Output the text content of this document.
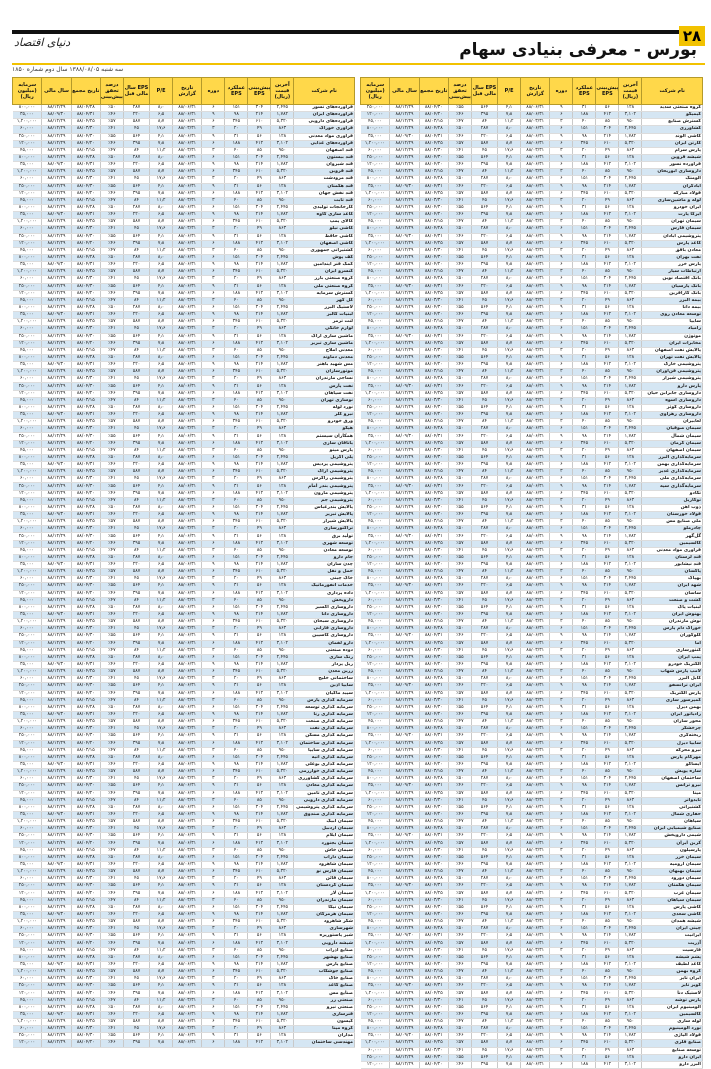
۲۸
دنیای اقتصاد	بورس - معرفی بنیادی سهام
سه شنبه ۱۳۸۸/۰۸/۰۵ سال دوم شماره ۱۸۵۰
نام شرکت	آخرین قیمت (ریال)	پیش‌بینی EPS	عملکرد EPS	دوره	تاریخ گزارش	P/E	EPS سال مالی قبل	درصد تحقق پیش‌بینی	تاریخ مجمع	سال مالی	سرمایه (میلیون ریال)
گروه صنعتی سدید	۱۲۸	۵۶	۳۱	۹	۸۸/۰۶/۳۱	۴٫۱	۵۶۴	٪۵۵	۸۸/۰۴/۳۰	۸۸/۱۲/۲۹	۲۵۰,۰۰۰
کیمیکو	۳,۱۰۲	۴۱۲	۱۸۸	۶	۸۸/۰۶/۳۱	۷٫۸	۳۹۵	٪۴۶	۸۸/۰۴/۲۰	۸۸/۱۲/۲۹	۱۲۰,۰۰۰
گسترش صنایع	۹۵۰	۸۵	۴۰	۳	۸۸/۰۳/۳۱	۱۱٫۲	۸۴	٪۴۷	۸۸/۰۳/۱۵	۸۸/۱۲/۲۹	۴۵,۰۰۰
کشاورزی	۲,۴۴۵	۳۰۴	۱۵۱	۶	۸۸/۰۶/۳۱	۸٫۰	۲۸۷	٪۵۰	۸۸/۰۴/۲۸	۸۸/۱۲/۲۹	۸۰۰,۰۰۰
کاشی الوند	۱,۷۸۲	۲۱۴	۹۸	۹	۸۸/۰۶/۳۱	۶٫۵	۲۲۰	٪۴۶	۸۸/۰۴/۳۱	۸۸/۰۹/۳۰	۳۵,۰۰۰
کارتن ایران	۵,۳۲۰	۶۱۰	۳۴۵	۶	۸۸/۰۶/۳۱	۸٫۷	۵۸۷	٪۵۷	۸۸/۰۴/۲۵	۸۸/۱۲/۲۹	۱,۲۰۰,۰۰۰
پارس سرام	۸۶۳	۴۹	۲۰	۳	۸۸/۰۳/۳۱	۱۷٫۶	۴۵	٪۴۱	۸۸/۰۳/۳۰	۸۸/۱۲/۲۹	۶۰,۰۰۰
شیشه قزوین	۱۲۸	۵۶	۳۱	۹	۸۸/۰۶/۳۱	۴٫۱	۵۶۴	٪۵۵	۸۸/۰۴/۳۰	۸۸/۱۲/۲۹	۲۵۰,۰۰۰
فرآورده نسوز	۳,۱۰۲	۴۱۲	۱۸۸	۶	۸۸/۰۶/۳۱	۷٫۸	۳۹۵	٪۴۶	۸۸/۰۴/۲۰	۸۸/۱۲/۲۹	۱۲۰,۰۰۰
داروسازی ابوریحان	۹۵۰	۸۵	۴۰	۳	۸۸/۰۳/۳۱	۱۱٫۲	۸۴	٪۴۷	۸۸/۰۳/۱۵	۸۸/۱۲/۲۹	۴۵,۰۰۰
آلومتک	۲,۴۴۵	۳۰۴	۱۵۱	۶	۸۸/۰۶/۳۱	۸٫۰	۲۸۷	٪۵۰	۸۸/۰۴/۲۸	۸۸/۱۲/۲۹	۸۰۰,۰۰۰
آبادگران	۱,۷۸۲	۲۱۴	۹۸	۹	۸۸/۰۶/۳۱	۶٫۵	۲۲۰	٪۴۶	۸۸/۰۴/۳۱	۸۸/۰۹/۳۰	۳۵,۰۰۰
فولاد مبارکه	۵,۳۲۰	۶۱۰	۳۴۵	۶	۸۸/۰۶/۳۱	۸٫۷	۵۸۷	٪۵۷	۸۸/۰۴/۲۵	۸۸/۱۲/۲۹	۱,۲۰۰,۰۰۰
لوله و ماشین‌سازی	۸۶۳	۴۹	۲۰	۳	۸۸/۰۳/۳۱	۱۷٫۶	۴۵	٪۴۱	۸۸/۰۳/۳۰	۸۸/۱۲/۲۹	۶۰,۰۰۰
ایران خودرو	۱۲۸	۵۶	۳۱	۹	۸۸/۰۶/۳۱	۴٫۱	۵۶۴	٪۵۵	۸۸/۰۴/۳۰	۸۸/۱۲/۲۹	۲۵۰,۰۰۰
ایرکا پارت	۳,۱۰۲	۴۱۲	۱۸۸	۶	۸۸/۰۶/۳۱	۷٫۸	۳۹۵	٪۴۶	۸۸/۰۴/۲۰	۸۸/۱۲/۲۹	۱۲۰,۰۰۰
سیمان تهران	۹۵۰	۸۵	۴۰	۳	۸۸/۰۳/۳۱	۱۱٫۲	۸۴	٪۴۷	۸۸/۰۳/۱۵	۸۸/۱۲/۲۹	۴۵,۰۰۰
سیمان فارس	۲,۴۴۵	۳۰۴	۱۵۱	۶	۸۸/۰۶/۳۱	۸٫۰	۲۸۷	٪۵۰	۸۸/۰۴/۲۸	۸۸/۱۲/۲۹	۸۰۰,۰۰۰
پتروشیمی آبادان	۱,۷۸۲	۲۱۴	۹۸	۹	۸۸/۰۶/۳۱	۶٫۵	۲۲۰	٪۴۶	۸۸/۰۴/۳۱	۸۸/۰۹/۳۰	۳۵,۰۰۰
کاغذ پارس	۵,۳۲۰	۶۱۰	۳۴۵	۶	۸۸/۰۶/۳۱	۸٫۷	۵۸۷	٪۵۷	۸۸/۰۴/۲۵	۸۸/۱۲/۲۹	۱,۲۰۰,۰۰۰
معادن بافق	۸۶۳	۴۹	۲۰	۳	۸۸/۰۳/۳۱	۱۷٫۶	۴۵	٪۴۱	۸۸/۰۳/۳۰	۸۸/۱۲/۲۹	۶۰,۰۰۰
نفت بهران	۱۲۸	۵۶	۳۱	۹	۸۸/۰۶/۳۱	۴٫۱	۵۶۴	٪۵۵	۸۸/۰۴/۳۰	۸۸/۱۲/۲۹	۲۵۰,۰۰۰
پارس خزر	۳,۱۰۲	۴۱۲	۱۸۸	۶	۸۸/۰۶/۳۱	۷٫۸	۳۹۵	٪۴۶	۸۸/۰۴/۲۰	۸۸/۱۲/۲۹	۱۲۰,۰۰۰
ارتباطات سیار	۹۵۰	۸۵	۴۰	۳	۸۸/۰۳/۳۱	۱۱٫۲	۸۴	٪۴۷	۸۸/۰۳/۱۵	۸۸/۱۲/۲۹	۴۵,۰۰۰
بانک اقتصاد نوین	۲,۴۴۵	۳۰۴	۱۵۱	۶	۸۸/۰۶/۳۱	۸٫۰	۲۸۷	٪۵۰	۸۸/۰۴/۲۸	۸۸/۱۲/۲۹	۸۰۰,۰۰۰
بانک پارسیان	۱,۷۸۲	۲۱۴	۹۸	۹	۸۸/۰۶/۳۱	۶٫۵	۲۲۰	٪۴۶	۸۸/۰۴/۳۱	۸۸/۰۹/۳۰	۳۵,۰۰۰
بانک کارآفرین	۵,۳۲۰	۶۱۰	۳۴۵	۶	۸۸/۰۶/۳۱	۸٫۷	۵۸۷	٪۵۷	۸۸/۰۴/۲۵	۸۸/۱۲/۲۹	۱,۲۰۰,۰۰۰
بیمه البرز	۸۶۳	۴۹	۲۰	۳	۸۸/۰۳/۳۱	۱۷٫۶	۴۵	٪۴۱	۸۸/۰۳/۳۰	۸۸/۱۲/۲۹	۶۰,۰۰۰
بیمه دانا	۱۲۸	۵۶	۳۱	۹	۸۸/۰۶/۳۱	۴٫۱	۵۶۴	٪۵۵	۸۸/۰۴/۳۰	۸۸/۱۲/۲۹	۲۵۰,۰۰۰
توسعه معادن روی	۳,۱۰۲	۴۱۲	۱۸۸	۶	۸۸/۰۶/۳۱	۷٫۸	۳۹۵	٪۴۶	۸۸/۰۴/۲۰	۸۸/۱۲/۲۹	۱۲۰,۰۰۰
سایپا	۹۵۰	۸۵	۴۰	۳	۸۸/۰۳/۳۱	۱۱٫۲	۸۴	٪۴۷	۸۸/۰۳/۱۵	۸۸/۱۲/۲۹	۴۵,۰۰۰
زامیاد	۲,۴۴۵	۳۰۴	۱۵۱	۶	۸۸/۰۶/۳۱	۸٫۰	۲۸۷	٪۵۰	۸۸/۰۴/۲۸	۸۸/۱۲/۲۹	۸۰۰,۰۰۰
موتوژن	۱,۷۸۲	۲۱۴	۹۸	۹	۸۸/۰۶/۳۱	۶٫۵	۲۲۰	٪۴۶	۸۸/۰۴/۳۱	۸۸/۰۹/۳۰	۳۵,۰۰۰
مخابرات ایران	۵,۳۲۰	۶۱۰	۳۴۵	۶	۸۸/۰۶/۳۱	۸٫۷	۵۸۷	٪۵۷	۸۸/۰۴/۲۵	۸۸/۱۲/۲۹	۱,۲۰۰,۰۰۰
پالایش نفت اصفهان	۸۶۳	۴۹	۲۰	۳	۸۸/۰۳/۳۱	۱۷٫۶	۴۵	٪۴۱	۸۸/۰۳/۳۰	۸۸/۱۲/۲۹	۶۰,۰۰۰
پالایش نفت تهران	۱۲۸	۵۶	۳۱	۹	۸۸/۰۶/۳۱	۴٫۱	۵۶۴	٪۵۵	۸۸/۰۴/۳۰	۸۸/۱۲/۲۹	۲۵۰,۰۰۰
پتروشیمی خارک	۳,۱۰۲	۴۱۲	۱۸۸	۶	۸۸/۰۶/۳۱	۷٫۸	۳۹۵	٪۴۶	۸۸/۰۴/۲۰	۸۸/۱۲/۲۹	۱۲۰,۰۰۰
پتروشیمی فن‌آوران	۹۵۰	۸۵	۴۰	۳	۸۸/۰۳/۳۱	۱۱٫۲	۸۴	٪۴۷	۸۸/۰۳/۱۵	۸۸/۱۲/۲۹	۴۵,۰۰۰
پتروشیمی شیراز	۲,۴۴۵	۳۰۴	۱۵۱	۶	۸۸/۰۶/۳۱	۸٫۰	۲۸۷	٪۵۰	۸۸/۰۴/۲۸	۸۸/۱۲/۲۹	۸۰۰,۰۰۰
پارس دارو	۱,۷۸۲	۲۱۴	۹۸	۹	۸۸/۰۶/۳۱	۶٫۵	۲۲۰	٪۴۶	۸۸/۰۴/۳۱	۸۸/۰۹/۳۰	۳۵,۰۰۰
داروسازی جابرابن حیان	۵,۳۲۰	۶۱۰	۳۴۵	۶	۸۸/۰۶/۳۱	۸٫۷	۵۸۷	٪۵۷	۸۸/۰۴/۲۵	۸۸/۱۲/۲۹	۱,۲۰۰,۰۰۰
داروسازی اسوه	۸۶۳	۴۹	۲۰	۳	۸۸/۰۳/۳۱	۱۷٫۶	۴۵	٪۴۱	۸۸/۰۳/۳۰	۸۸/۱۲/۲۹	۶۰,۰۰۰
داروسازی کوثر	۱۲۸	۵۶	۳۱	۹	۸۸/۰۶/۳۱	۴٫۱	۵۶۴	٪۵۵	۸۸/۰۴/۳۰	۸۸/۱۲/۲۹	۲۵۰,۰۰۰
داروسازی زهراوی	۳,۱۰۲	۴۱۲	۱۸۸	۶	۸۸/۰۶/۳۱	۷٫۸	۳۹۵	٪۴۶	۸۸/۰۴/۲۰	۸۸/۱۲/۲۹	۱۲۰,۰۰۰
لعابیران	۹۵۰	۸۵	۴۰	۳	۸۸/۰۳/۳۱	۱۱٫۲	۸۴	٪۴۷	۸۸/۰۳/۱۵	۸۸/۱۲/۲۹	۴۵,۰۰۰
سیمان صوفیان	۲,۴۴۵	۳۰۴	۱۵۱	۶	۸۸/۰۶/۳۱	۸٫۰	۲۸۷	٪۵۰	۸۸/۰۴/۲۸	۸۸/۱۲/۲۹	۸۰۰,۰۰۰
سیمان شمال	۱,۷۸۲	۲۱۴	۹۸	۹	۸۸/۰۶/۳۱	۶٫۵	۲۲۰	٪۴۶	۸۸/۰۴/۳۱	۸۸/۰۹/۳۰	۳۵,۰۰۰
سیمان کرمان	۵,۳۲۰	۶۱۰	۳۴۵	۶	۸۸/۰۶/۳۱	۸٫۷	۵۸۷	٪۵۷	۸۸/۰۴/۲۵	۸۸/۱۲/۲۹	۱,۲۰۰,۰۰۰
سیمان اصفهان	۸۶۳	۴۹	۲۰	۳	۸۸/۰۳/۳۱	۱۷٫۶	۴۵	٪۴۱	۸۸/۰۳/۳۰	۸۸/۱۲/۲۹	۶۰,۰۰۰
سرمایه‌گذاری البرز	۱۲۸	۵۶	۳۱	۹	۸۸/۰۶/۳۱	۴٫۱	۵۶۴	٪۵۵	۸۸/۰۴/۳۰	۸۸/۱۲/۲۹	۲۵۰,۰۰۰
سرمایه‌گذاری بهمن	۳,۱۰۲	۴۱۲	۱۸۸	۶	۸۸/۰۶/۳۱	۷٫۸	۳۹۵	٪۴۶	۸۸/۰۴/۲۰	۸۸/۱۲/۲۹	۱۲۰,۰۰۰
سرمایه‌گذاری غدیر	۹۵۰	۸۵	۴۰	۳	۸۸/۰۳/۳۱	۱۱٫۲	۸۴	٪۴۷	۸۸/۰۳/۱۵	۸۸/۱۲/۲۹	۴۵,۰۰۰
سرمایه‌گذاری ملی	۲,۴۴۵	۳۰۴	۱۵۱	۶	۸۸/۰۶/۳۱	۸٫۰	۲۸۷	٪۵۰	۸۸/۰۴/۲۸	۸۸/۱۲/۲۹	۸۰۰,۰۰۰
سرمایه‌گذاری سپه	۱,۷۸۲	۲۱۴	۹۸	۹	۸۸/۰۶/۳۱	۶٫۵	۲۲۰	٪۴۶	۸۸/۰۴/۳۱	۸۸/۰۹/۳۰	۳۵,۰۰۰
تکادو	۵,۳۲۰	۶۱۰	۳۴۵	۶	۸۸/۰۶/۳۱	۸٫۷	۵۸۷	٪۵۷	۸۸/۰۴/۲۵	۸۸/۱۲/۲۹	۱,۲۰۰,۰۰۰
توکاریل	۸۶۳	۴۹	۲۰	۳	۸۸/۰۳/۳۱	۱۷٫۶	۴۵	٪۴۱	۸۸/۰۳/۳۰	۸۸/۱۲/۲۹	۶۰,۰۰۰
ذوب آهن	۱۲۸	۵۶	۳۱	۹	۸۸/۰۶/۳۱	۴٫۱	۵۶۴	٪۵۵	۸۸/۰۴/۳۰	۸۸/۱۲/۲۹	۲۵۰,۰۰۰
فولاد خوزستان	۳,۱۰۲	۴۱۲	۱۸۸	۶	۸۸/۰۶/۳۱	۷٫۸	۳۹۵	٪۴۶	۸۸/۰۴/۲۰	۸۸/۱۲/۲۹	۱۲۰,۰۰۰
ملی صنایع مس	۹۵۰	۸۵	۴۰	۳	۸۸/۰۳/۳۱	۱۱٫۲	۸۴	٪۴۷	۸۸/۰۳/۱۵	۸۸/۱۲/۲۹	۴۵,۰۰۰
چادرملو	۲,۴۴۵	۳۰۴	۱۵۱	۶	۸۸/۰۶/۳۱	۸٫۰	۲۸۷	٪۵۰	۸۸/۰۴/۲۸	۸۸/۱۲/۲۹	۸۰۰,۰۰۰
گل‌گهر	۱,۷۸۲	۲۱۴	۹۸	۹	۸۸/۰۶/۳۱	۶٫۵	۲۲۰	٪۴۶	۸۸/۰۴/۳۱	۸۸/۰۹/۳۰	۳۵,۰۰۰
کالسیمین	۵,۳۲۰	۶۱۰	۳۴۵	۶	۸۸/۰۶/۳۱	۸٫۷	۵۸۷	٪۵۷	۸۸/۰۴/۲۵	۸۸/۱۲/۲۹	۱,۲۰۰,۰۰۰
فرآوری مواد معدنی	۸۶۳	۴۹	۲۰	۳	۸۸/۰۳/۳۱	۱۷٫۶	۴۵	٪۴۱	۸۸/۰۳/۳۰	۸۸/۱۲/۲۹	۶۰,۰۰۰
قند لرستان	۱۲۸	۵۶	۳۱	۹	۸۸/۰۶/۳۱	۴٫۱	۵۶۴	٪۵۵	۸۸/۰۴/۳۰	۸۸/۱۲/۲۹	۲۵۰,۰۰۰
قند نیشابور	۳,۱۰۲	۴۱۲	۱۸۸	۶	۸۸/۰۶/۳۱	۷٫۸	۳۹۵	٪۴۶	۸۸/۰۴/۲۰	۸۸/۱۲/۲۹	۱۲۰,۰۰۰
پاکسان	۹۵۰	۸۵	۴۰	۳	۸۸/۰۳/۳۱	۱۱٫۲	۸۴	٪۴۷	۸۸/۰۳/۱۵	۸۸/۱۲/۲۹	۴۵,۰۰۰
بهپاک	۲,۴۴۵	۳۰۴	۱۵۱	۶	۸۸/۰۶/۳۱	۸٫۰	۲۸۷	٪۵۰	۸۸/۰۴/۲۸	۸۸/۱۲/۲۹	۸۰۰,۰۰۰
شهد ایران	۱,۷۸۲	۲۱۴	۹۸	۹	۸۸/۰۶/۳۱	۶٫۵	۲۲۰	٪۴۶	۸۸/۰۴/۳۱	۸۸/۰۹/۳۰	۳۵,۰۰۰
ساسان	۵,۳۲۰	۶۱۰	۳۴۵	۶	۸۸/۰۶/۳۱	۸٫۷	۵۸۷	٪۵۷	۸۸/۰۴/۲۵	۸۸/۱۲/۲۹	۱,۲۰۰,۰۰۰
کشت و صنعت	۸۶۳	۴۹	۲۰	۳	۸۸/۰۳/۳۱	۱۷٫۶	۴۵	٪۴۱	۸۸/۰۳/۳۰	۸۸/۱۲/۲۹	۶۰,۰۰۰
لبنیات پاک	۱۲۸	۵۶	۳۱	۹	۸۸/۰۶/۳۱	۴٫۱	۵۶۴	٪۵۵	۸۸/۰۴/۳۰	۸۸/۱۲/۲۹	۲۵۰,۰۰۰
بهنوش ایران	۳,۱۰۲	۴۱۲	۱۸۸	۶	۸۸/۰۶/۳۱	۷٫۸	۳۹۵	٪۴۶	۸۸/۰۴/۲۰	۸۸/۱۲/۲۹	۱۲۰,۰۰۰
نوش مازندران	۹۵۰	۸۵	۴۰	۳	۸۸/۰۳/۳۱	۱۱٫۲	۸۴	٪۴۷	۸۸/۰۳/۱۵	۸۸/۱۲/۲۹	۴۵,۰۰۰
خوراک دام پارس	۲,۴۴۵	۳۰۴	۱۵۱	۶	۸۸/۰۶/۳۱	۸٫۰	۲۸۷	٪۵۰	۸۸/۰۴/۲۸	۸۸/۱۲/۲۹	۸۰۰,۰۰۰
گلوکوزان	۱,۷۸۲	۲۱۴	۹۸	۹	۸۸/۰۶/۳۱	۶٫۵	۲۲۰	٪۴۶	۸۸/۰۴/۳۱	۸۸/۰۹/۳۰	۳۵,۰۰۰
آما	۵,۳۲۰	۶۱۰	۳۴۵	۶	۸۸/۰۶/۳۱	۸٫۷	۵۸۷	٪۵۷	۸۸/۰۴/۲۵	۸۸/۱۲/۲۹	۱,۲۰۰,۰۰۰
کنتورسازی	۸۶۳	۴۹	۲۰	۳	۸۸/۰۳/۳۱	۱۷٫۶	۴۵	٪۴۱	۸۸/۰۳/۳۰	۸۸/۱۲/۲۹	۶۰,۰۰۰
پمپ ایران	۱۲۸	۵۶	۳۱	۹	۸۸/۰۶/۳۱	۴٫۱	۵۶۴	٪۵۵	۸۸/۰۴/۳۰	۸۸/۱۲/۲۹	۲۵۰,۰۰۰
الکتریک خودرو	۳,۱۰۲	۴۱۲	۱۸۸	۶	۸۸/۰۶/۳۱	۷٫۸	۳۹۵	٪۴۶	۸۸/۰۴/۲۰	۸۸/۱۲/۲۹	۱۲۰,۰۰۰
لامپ پارس شهاب	۹۵۰	۸۵	۴۰	۳	۸۸/۰۳/۳۱	۱۱٫۲	۸۴	٪۴۷	۸۸/۰۳/۱۵	۸۸/۱۲/۲۹	۴۵,۰۰۰
کابل البرز	۲,۴۴۵	۳۰۴	۱۵۱	۶	۸۸/۰۶/۳۱	۸٫۰	۲۸۷	٪۵۰	۸۸/۰۴/۲۸	۸۸/۱۲/۲۹	۸۰۰,۰۰۰
ایران ترانسفو	۱,۷۸۲	۲۱۴	۹۸	۹	۸۸/۰۶/۳۱	۶٫۵	۲۲۰	٪۴۶	۸۸/۰۴/۳۱	۸۸/۰۹/۳۰	۳۵,۰۰۰
پارس الکتریک	۵,۳۲۰	۶۱۰	۳۴۵	۶	۸۸/۰۶/۳۱	۸٫۷	۵۸۷	٪۵۷	۸۸/۰۴/۲۵	۸۸/۱۲/۲۹	۱,۲۰۰,۰۰۰
کمپرسور سازی	۸۶۳	۴۹	۲۰	۳	۸۸/۰۳/۳۱	۱۷٫۶	۴۵	٪۴۱	۸۸/۰۳/۳۰	۸۸/۱۲/۲۹	۶۰,۰۰۰
بهمن دیزل	۱۲۸	۵۶	۳۱	۹	۸۸/۰۶/۳۱	۴٫۱	۵۶۴	٪۵۵	۸۸/۰۴/۳۰	۸۸/۱۲/۲۹	۲۵۰,۰۰۰
رادیاتور ایران	۳,۱۰۲	۴۱۲	۱۸۸	۶	۸۸/۰۶/۳۱	۷٫۸	۳۹۵	٪۴۶	۸۸/۰۴/۲۰	۸۸/۱۲/۲۹	۱۲۰,۰۰۰
محور سازان	۹۵۰	۸۵	۴۰	۳	۸۸/۰۳/۳۱	۱۱٫۲	۸۴	٪۴۷	۸۸/۰۳/۱۵	۸۸/۱۲/۲۹	۴۵,۰۰۰
چرخشگر	۲,۴۴۵	۳۰۴	۱۵۱	۶	۸۸/۰۶/۳۱	۸٫۰	۲۸۷	٪۵۰	۸۸/۰۴/۲۸	۸۸/۱۲/۲۹	۸۰۰,۰۰۰
ریخته‌گری	۱,۷۸۲	۲۱۴	۹۸	۹	۸۸/۰۶/۳۱	۶٫۵	۲۲۰	٪۴۶	۸۸/۰۴/۳۱	۸۸/۰۹/۳۰	۳۵,۰۰۰
سایپا دیزل	۵,۳۲۰	۶۱۰	۳۴۵	۶	۸۸/۰۶/۳۱	۸٫۷	۵۸۷	٪۵۷	۸۸/۰۴/۲۵	۸۸/۱۲/۲۹	۱,۲۰۰,۰۰۰
نیرو محرکه	۸۶۳	۴۹	۲۰	۳	۸۸/۰۳/۳۱	۱۷٫۶	۴۵	٪۴۱	۸۸/۰۳/۳۰	۸۸/۱۲/۲۹	۶۰,۰۰۰
مهرکام پارس	۱۲۸	۵۶	۳۱	۹	۸۸/۰۶/۳۱	۴٫۱	۵۶۴	٪۵۵	۸۸/۰۴/۳۰	۸۸/۱۲/۲۹	۲۵۰,۰۰۰
ایساکو	۳,۱۰۲	۴۱۲	۱۸۸	۶	۸۸/۰۶/۳۱	۷٫۸	۳۹۵	٪۴۶	۸۸/۰۴/۲۰	۸۸/۱۲/۲۹	۱۲۰,۰۰۰
سازه پویش	۹۵۰	۸۵	۴۰	۳	۸۸/۰۳/۳۱	۱۱٫۲	۸۴	٪۴۷	۸۸/۰۳/۱۵	۸۸/۱۲/۲۹	۴۵,۰۰۰
ساختمان اصفهان	۲,۴۴۵	۳۰۴	۱۵۱	۶	۸۸/۰۶/۳۱	۸٫۰	۲۸۷	٪۵۰	۸۸/۰۴/۲۸	۸۸/۱۲/۲۹	۸۰۰,۰۰۰
نیرو ترانس	۱,۷۸۲	۲۱۴	۹۸	۹	۸۸/۰۶/۳۱	۶٫۵	۲۲۰	٪۴۶	۸۸/۰۴/۳۱	۸۸/۰۹/۳۰	۳۵,۰۰۰
مپنا	۵,۳۲۰	۶۱۰	۳۴۵	۶	۸۸/۰۶/۳۱	۸٫۷	۵۸۷	٪۵۷	۸۸/۰۴/۲۵	۸۸/۱۲/۲۹	۱,۲۰۰,۰۰۰
تایدواتر	۸۶۳	۴۹	۲۰	۳	۸۸/۰۳/۳۱	۱۷٫۶	۴۵	٪۴۱	۸۸/۰۳/۳۰	۸۸/۱۲/۲۹	۶۰,۰۰۰
کشتیرانی	۱۲۸	۵۶	۳۱	۹	۸۸/۰۶/۳۱	۴٫۱	۵۶۴	٪۵۵	۸۸/۰۴/۳۰	۸۸/۱۲/۲۹	۲۵۰,۰۰۰
حفاری شمال	۳,۱۰۲	۴۱۲	۱۸۸	۶	۸۸/۰۶/۳۱	۷٫۸	۳۹۵	٪۴۶	۸۸/۰۴/۲۰	۸۸/۱۲/۲۹	۱۲۰,۰۰۰
سپاهان	۹۵۰	۸۵	۴۰	۳	۸۸/۰۳/۳۱	۱۱٫۲	۸۴	٪۴۷	۸۸/۰۳/۱۵	۸۸/۱۲/۲۹	۴۵,۰۰۰
صنایع شیمیایی ایران	۲,۴۴۵	۳۰۴	۱۵۱	۶	۸۸/۰۶/۳۱	۸٫۰	۲۸۷	٪۵۰	۸۸/۰۴/۲۸	۸۸/۱۲/۲۹	۸۰۰,۰۰۰
شیمی داروپخش	۱,۷۸۲	۲۱۴	۹۸	۹	۸۸/۰۶/۳۱	۶٫۵	۲۲۰	٪۴۶	۸۸/۰۴/۳۱	۸۸/۰۹/۳۰	۳۵,۰۰۰
کربن ایران	۵,۳۲۰	۶۱۰	۳۴۵	۶	۸۸/۰۶/۳۱	۸٫۷	۵۸۷	٪۵۷	۸۸/۰۴/۲۵	۸۸/۱۲/۲۹	۱,۲۰۰,۰۰۰
پارسیلون	۸۶۳	۴۹	۲۰	۳	۸۸/۰۳/۳۱	۱۷٫۶	۴۵	٪۴۱	۸۸/۰۳/۳۰	۸۸/۱۲/۲۹	۶۰,۰۰۰
سیمان خزر	۱۲۸	۵۶	۳۱	۹	۸۸/۰۶/۳۱	۴٫۱	۵۶۴	٪۵۵	۸۸/۰۴/۳۰	۸۸/۱۲/۲۹	۲۵۰,۰۰۰
سیمان ارومیه	۳,۱۰۲	۴۱۲	۱۸۸	۶	۸۸/۰۶/۳۱	۷٫۸	۳۹۵	٪۴۶	۸۸/۰۴/۲۰	۸۸/۱۲/۲۹	۱۲۰,۰۰۰
سیمان بهبهان	۹۵۰	۸۵	۴۰	۳	۸۸/۰۳/۳۱	۱۱٫۲	۸۴	٪۴۷	۸۸/۰۳/۱۵	۸۸/۱۲/۲۹	۴۵,۰۰۰
سیمان دورود	۲,۴۴۵	۳۰۴	۱۵۱	۶	۸۸/۰۶/۳۱	۸٫۰	۲۸۷	٪۵۰	۸۸/۰۴/۲۸	۸۸/۱۲/۲۹	۸۰۰,۰۰۰
سیمان هگمتان	۱,۷۸۲	۲۱۴	۹۸	۹	۸۸/۰۶/۳۱	۶٫۵	۲۲۰	٪۴۶	۸۸/۰۴/۳۱	۸۸/۰۹/۳۰	۳۵,۰۰۰
سیمان غرب	۵,۳۲۰	۶۱۰	۳۴۵	۶	۸۸/۰۶/۳۱	۸٫۷	۵۸۷	٪۵۷	۸۸/۰۴/۲۵	۸۸/۱۲/۲۹	۱,۲۰۰,۰۰۰
سیمان سپاهان	۸۶۳	۴۹	۲۰	۳	۸۸/۰۳/۳۱	۱۷٫۶	۴۵	٪۴۱	۸۸/۰۳/۳۰	۸۸/۱۲/۲۹	۶۰,۰۰۰
کاشی پارس	۱۲۸	۵۶	۳۱	۹	۸۸/۰۶/۳۱	۴٫۱	۵۶۴	٪۵۵	۸۸/۰۴/۳۰	۸۸/۱۲/۲۹	۲۵۰,۰۰۰
کاشی سعدی	۳,۱۰۲	۴۱۲	۱۸۸	۶	۸۸/۰۶/۳۱	۷٫۸	۳۹۵	٪۴۶	۸۸/۰۴/۲۰	۸۸/۱۲/۲۹	۱۲۰,۰۰۰
شیشه همدان	۹۵۰	۸۵	۴۰	۳	۸۸/۰۳/۳۱	۱۱٫۲	۸۴	٪۴۷	۸۸/۰۳/۱۵	۸۸/۱۲/۲۹	۴۵,۰۰۰
چینی ایران	۲,۴۴۵	۳۰۴	۱۵۱	۶	۸۸/۰۶/۳۱	۸٫۰	۲۸۷	٪۵۰	۸۸/۰۴/۲۸	۸۸/۱۲/۲۹	۸۰۰,۰۰۰
ایرانیت	۱,۷۸۲	۲۱۴	۹۸	۹	۸۸/۰۶/۳۱	۶٫۵	۲۲۰	٪۴۶	۸۸/۰۴/۳۱	۸۸/۰۹/۳۰	۳۵,۰۰۰
آذریت	۵,۳۲۰	۶۱۰	۳۴۵	۶	۸۸/۰۶/۳۱	۸٫۷	۵۸۷	٪۵۷	۸۸/۰۴/۲۵	۸۸/۱۲/۲۹	۱,۲۰۰,۰۰۰
فارسیت	۸۶۳	۴۹	۲۰	۳	۸۸/۰۳/۳۱	۱۷٫۶	۴۵	٪۴۱	۸۸/۰۳/۳۰	۸۸/۱۲/۲۹	۶۰,۰۰۰
پشم شیشه	۱۲۸	۵۶	۳۱	۹	۸۸/۰۶/۳۱	۴٫۱	۵۶۴	٪۵۵	۸۸/۰۴/۳۰	۸۸/۱۲/۲۹	۲۵۰,۰۰۰
کاغذ لطیف	۳,۱۰۲	۴۱۲	۱۸۸	۶	۸۸/۰۶/۳۱	۷٫۸	۳۹۵	٪۴۶	۸۸/۰۴/۲۰	۸۸/۱۲/۲۹	۱۲۰,۰۰۰
گروه بهمن	۹۵۰	۸۵	۴۰	۳	۸۸/۰۳/۳۱	۱۱٫۲	۸۴	٪۴۷	۸۸/۰۳/۱۵	۸۸/۱۲/۲۹	۴۵,۰۰۰
ایران تایر	۲,۴۴۵	۳۰۴	۱۵۱	۶	۸۸/۰۶/۳۱	۸٫۰	۲۸۷	٪۵۰	۸۸/۰۴/۲۸	۸۸/۱۲/۲۹	۸۰۰,۰۰۰
کویر تایر	۱,۷۸۲	۲۱۴	۹۸	۹	۸۸/۰۶/۳۱	۶٫۵	۲۲۰	٪۴۶	۸۸/۰۴/۳۱	۸۸/۰۹/۳۰	۳۵,۰۰۰
لاستیک دنا	۵,۳۲۰	۶۱۰	۳۴۵	۶	۸۸/۰۶/۳۱	۸٫۷	۵۸۷	٪۵۷	۸۸/۰۴/۲۵	۸۸/۱۲/۲۹	۱,۲۰۰,۰۰۰
پارس توشه	۸۶۳	۴۹	۲۰	۳	۸۸/۰۳/۳۱	۱۷٫۶	۴۵	٪۴۱	۸۸/۰۳/۳۰	۸۸/۱۲/۲۹	۶۰,۰۰۰
آلومینیوم ایران	۱۲۸	۵۶	۳۱	۹	۸۸/۰۶/۳۱	۴٫۱	۵۶۴	٪۵۵	۸۸/۰۴/۳۰	۸۸/۱۲/۲۹	۲۵۰,۰۰۰
کالسیمین	۳,۱۰۲	۴۱۲	۱۸۸	۶	۸۸/۰۶/۳۱	۷٫۸	۳۹۵	٪۴۶	۸۸/۰۴/۲۰	۸۸/۱۲/۲۹	۱۲۰,۰۰۰
لوله سازی	۹۵۰	۸۵	۴۰	۳	۸۸/۰۳/۳۱	۱۱٫۲	۸۴	٪۴۷	۸۸/۰۳/۱۵	۸۸/۱۲/۲۹	۴۵,۰۰۰
نورد آلومینیوم	۲,۴۴۵	۳۰۴	۱۵۱	۶	۸۸/۰۶/۳۱	۸٫۰	۲۸۷	٪۵۰	۸۸/۰۴/۲۸	۸۸/۱۲/۲۹	۸۰۰,۰۰۰
فولاد آلیاژی	۱,۷۸۲	۲۱۴	۹۸	۹	۸۸/۰۶/۳۱	۶٫۵	۲۲۰	٪۴۶	۸۸/۰۴/۳۱	۸۸/۰۹/۳۰	۳۵,۰۰۰
صنایع فلزی	۵,۳۲۰	۶۱۰	۳۴۵	۶	۸۸/۰۶/۳۱	۸٫۷	۵۸۷	٪۵۷	۸۸/۰۴/۲۵	۸۸/۱۲/۲۹	۱,۲۰۰,۰۰۰
توسعه صنایع	۸۶۳	۴۹	۲۰	۳	۸۸/۰۳/۳۱	۱۷٫۶	۴۵	٪۴۱	۸۸/۰۳/۳۰	۸۸/۱۲/۲۹	۶۰,۰۰۰
ایران دارو	۱۲۸	۵۶	۳۱	۹	۸۸/۰۶/۳۱	۴٫۱	۵۶۴	٪۵۵	۸۸/۰۴/۳۰	۸۸/۱۲/۲۹	۲۵۰,۰۰۰
البرز دارو	۳,۱۰۲	۴۱۲	۱۸۸	۶	۸۸/۰۶/۳۱	۷٫۸	۳۹۵	٪۴۶	۸۸/۰۴/۲۰	۸۸/۱۲/۲۹	۱۲۰,۰۰۰
نام شرکت	آخرین قیمت (ریال)	پیش‌بینی EPS	عملکرد EPS	دوره	تاریخ گزارش	P/E	EPS سال مالی قبل	درصد تحقق پیش‌بینی	تاریخ مجمع	سال مالی	سرمایه (میلیون ریال)
فرآورده‌های نسوز	۲,۴۴۵	۳۰۴	۱۵۱	۶	۸۸/۰۶/۳۱	۸٫۰	۲۸۷	٪۵۰	۸۸/۰۴/۲۸	۸۸/۱۲/۲۹	۸۰۰,۰۰۰
فرآورده‌های ایران	۱,۷۸۲	۲۱۴	۹۸	۹	۸۸/۰۶/۳۱	۶٫۵	۲۲۰	٪۴۶	۸۸/۰۴/۳۱	۸۸/۰۹/۳۰	۳۵,۰۰۰
فرآورده‌های دارویی	۵,۳۲۰	۶۱۰	۳۴۵	۶	۸۸/۰۶/۳۱	۸٫۷	۵۸۷	٪۵۷	۸۸/۰۴/۲۵	۸۸/۱۲/۲۹	۱,۲۰۰,۰۰۰
فرآوری خوراک	۸۶۳	۴۹	۲۰	۳	۸۸/۰۳/۳۱	۱۷٫۶	۴۵	٪۴۱	۸۸/۰۳/۳۰	۸۸/۱۲/۲۹	۶۰,۰۰۰
فرآوری مواد معدنی	۱۲۸	۵۶	۳۱	۹	۸۸/۰۶/۳۱	۴٫۱	۵۶۴	٪۵۵	۸۸/۰۴/۳۰	۸۸/۱۲/۲۹	۲۵۰,۰۰۰
فرآورده‌های غذایی	۳,۱۰۲	۴۱۲	۱۸۸	۶	۸۸/۰۶/۳۱	۷٫۸	۳۹۵	٪۴۶	۸۸/۰۴/۲۰	۸۸/۱۲/۲۹	۱۲۰,۰۰۰
قند اصفهان	۹۵۰	۸۵	۴۰	۳	۸۸/۰۳/۳۱	۱۱٫۲	۸۴	٪۴۷	۸۸/۰۳/۱۵	۸۸/۱۲/۲۹	۴۵,۰۰۰
قند بیستون	۲,۴۴۵	۳۰۴	۱۵۱	۶	۸۸/۰۶/۳۱	۸٫۰	۲۸۷	٪۵۰	۸۸/۰۴/۲۸	۸۸/۱۲/۲۹	۸۰۰,۰۰۰
قند شیروان	۱,۷۸۲	۲۱۴	۹۸	۹	۸۸/۰۶/۳۱	۶٫۵	۲۲۰	٪۴۶	۸۸/۰۴/۳۱	۸۸/۰۹/۳۰	۳۵,۰۰۰
قند قزوین	۵,۳۲۰	۶۱۰	۳۴۵	۶	۸۸/۰۶/۳۱	۸٫۷	۵۸۷	٪۵۷	۸۸/۰۴/۲۵	۸۸/۱۲/۲۹	۱,۲۰۰,۰۰۰
قند مرودشت	۸۶۳	۴۹	۲۰	۳	۸۸/۰۳/۳۱	۱۷٫۶	۴۵	٪۴۱	۸۸/۰۳/۳۰	۸۸/۱۲/۲۹	۶۰,۰۰۰
قند هکمتان	۱۲۸	۵۶	۳۱	۹	۸۸/۰۶/۳۱	۴٫۱	۵۶۴	٪۵۵	۸۸/۰۴/۳۰	۸۸/۱۲/۲۹	۲۵۰,۰۰۰
قند نقش جهان	۳,۱۰۲	۴۱۲	۱۸۸	۶	۸۸/۰۶/۳۱	۷٫۸	۳۹۵	٪۴۶	۸۸/۰۴/۲۰	۸۸/۱۲/۲۹	۱۲۰,۰۰۰
قند ثابت	۹۵۰	۸۵	۴۰	۳	۸۸/۰۳/۳۱	۱۱٫۲	۸۴	٪۴۷	۸۸/۰۳/۱۵	۸۸/۱۲/۲۹	۴۵,۰۰۰
کارخانجات تولیدی	۲,۴۴۵	۳۰۴	۱۵۱	۶	۸۸/۰۶/۳۱	۸٫۰	۲۸۷	٪۵۰	۸۸/۰۴/۲۸	۸۸/۱۲/۲۹	۸۰۰,۰۰۰
کاغذ سازی کاوه	۱,۷۸۲	۲۱۴	۹۸	۹	۸۸/۰۶/۳۱	۶٫۵	۲۲۰	٪۴۶	۸۸/۰۴/۳۱	۸۸/۰۹/۳۰	۳۵,۰۰۰
کالای پمپ	۵,۳۲۰	۶۱۰	۳۴۵	۶	۸۸/۰۶/۳۱	۸٫۷	۵۸۷	٪۵۷	۸۸/۰۴/۲۵	۸۸/۱۲/۲۹	۱,۲۰۰,۰۰۰
کاشی نیلو	۸۶۳	۴۹	۲۰	۳	۸۸/۰۳/۳۱	۱۷٫۶	۴۵	٪۴۱	۸۸/۰۳/۳۰	۸۸/۱۲/۲۹	۶۰,۰۰۰
کاشی حافظ	۱۲۸	۵۶	۳۱	۹	۸۸/۰۶/۳۱	۴٫۱	۵۶۴	٪۵۵	۸۸/۰۴/۳۰	۸۸/۱۲/۲۹	۲۵۰,۰۰۰
کاشی اصفهان	۳,۱۰۲	۴۱۲	۱۸۸	۶	۸۸/۰۶/۳۱	۷٫۸	۳۹۵	٪۴۶	۸۸/۰۴/۲۰	۸۸/۱۲/۲۹	۱۲۰,۰۰۰
کشتیرانی جمهوری	۹۵۰	۸۵	۴۰	۳	۸۸/۰۳/۳۱	۱۱٫۲	۸۴	٪۴۷	۸۸/۰۳/۱۵	۸۸/۱۲/۲۹	۴۵,۰۰۰
کف پوش	۲,۴۴۵	۳۰۴	۱۵۱	۶	۸۸/۰۶/۳۱	۸٫۰	۲۸۷	٪۵۰	۸۸/۰۴/۲۸	۸۸/۱۲/۲۹	۸۰۰,۰۰۰
کمک فنر ایندامین	۱,۷۸۲	۲۱۴	۹۸	۹	۸۸/۰۶/۳۱	۶٫۵	۲۲۰	٪۴۶	۸۸/۰۴/۳۱	۸۸/۰۹/۳۰	۳۵,۰۰۰
کنسرو ایران	۵,۳۲۰	۶۱۰	۳۴۵	۶	۸۸/۰۶/۳۱	۸٫۷	۵۸۷	٪۵۷	۸۸/۰۴/۲۵	۸۸/۱۲/۲۹	۱,۲۰۰,۰۰۰
گروه صنعتی بارز	۸۶۳	۴۹	۲۰	۳	۸۸/۰۳/۳۱	۱۷٫۶	۴۵	٪۴۱	۸۸/۰۳/۳۰	۸۸/۱۲/۲۹	۶۰,۰۰۰
گروه صنعتی ملی	۱۲۸	۵۶	۳۱	۹	۸۸/۰۶/۳۱	۴٫۱	۵۶۴	٪۵۵	۸۸/۰۴/۳۰	۸۸/۱۲/۲۹	۲۵۰,۰۰۰
گسترش سرمایه	۳,۱۰۲	۴۱۲	۱۸۸	۶	۸۸/۰۶/۳۱	۷٫۸	۳۹۵	٪۴۶	۸۸/۰۴/۲۰	۸۸/۱۲/۲۹	۱۲۰,۰۰۰
گل گهر	۹۵۰	۸۵	۴۰	۳	۸۸/۰۳/۳۱	۱۱٫۲	۸۴	٪۴۷	۸۸/۰۳/۱۵	۸۸/۱۲/۲۹	۴۵,۰۰۰
لاستیک البرز	۲,۴۴۵	۳۰۴	۱۵۱	۶	۸۸/۰۶/۳۱	۸٫۰	۲۸۷	٪۵۰	۸۸/۰۴/۲۸	۸۸/۱۲/۲۹	۸۰۰,۰۰۰
لبنیات کالبر	۱,۷۸۲	۲۱۴	۹۸	۹	۸۸/۰۶/۳۱	۶٫۵	۲۲۰	٪۴۶	۸۸/۰۴/۳۱	۸۸/۰۹/۳۰	۳۵,۰۰۰
لنت ترمز	۵,۳۲۰	۶۱۰	۳۴۵	۶	۸۸/۰۶/۳۱	۸٫۷	۵۸۷	٪۵۷	۸۸/۰۴/۲۵	۸۸/۱۲/۲۹	۱,۲۰۰,۰۰۰
لوازم خانگی	۸۶۳	۴۹	۲۰	۳	۸۸/۰۳/۳۱	۱۷٫۶	۴۵	٪۴۱	۸۸/۰۳/۳۰	۸۸/۱۲/۲۹	۶۰,۰۰۰
ماشین سازی اراک	۱۲۸	۵۶	۳۱	۹	۸۸/۰۶/۳۱	۴٫۱	۵۶۴	٪۵۵	۸۸/۰۴/۳۰	۸۸/۱۲/۲۹	۲۵۰,۰۰۰
ماشین سازی تبریز	۳,۱۰۲	۴۱۲	۱۸۸	۶	۸۸/۰۶/۳۱	۷٫۸	۳۹۵	٪۴۶	۸۸/۰۴/۲۰	۸۸/۱۲/۲۹	۱۲۰,۰۰۰
معدنی املاح	۹۵۰	۸۵	۴۰	۳	۸۸/۰۳/۳۱	۱۱٫۲	۸۴	٪۴۷	۸۸/۰۳/۱۵	۸۸/۱۲/۲۹	۴۵,۰۰۰
معدنی دماوند	۲,۴۴۵	۳۰۴	۱۵۱	۶	۸۸/۰۶/۳۱	۸٫۰	۲۸۷	٪۵۰	۸۸/۰۴/۲۸	۸۸/۱۲/۲۹	۸۰۰,۰۰۰
مس شهید باهنر	۱,۷۸۲	۲۱۴	۹۸	۹	۸۸/۰۶/۳۱	۶٫۵	۲۲۰	٪۴۶	۸۸/۰۴/۳۱	۸۸/۰۹/۳۰	۳۵,۰۰۰
موتورسازان	۵,۳۲۰	۶۱۰	۳۴۵	۶	۸۸/۰۶/۳۱	۸٫۷	۵۸۷	٪۵۷	۸۸/۰۴/۲۵	۸۸/۱۲/۲۹	۱,۲۰۰,۰۰۰
نساجی مازندران	۸۶۳	۴۹	۲۰	۳	۸۸/۰۳/۳۱	۱۷٫۶	۴۵	٪۴۱	۸۸/۰۳/۳۰	۸۸/۱۲/۲۹	۶۰,۰۰۰
نفت پارس	۱۲۸	۵۶	۳۱	۹	۸۸/۰۶/۳۱	۴٫۱	۵۶۴	٪۵۵	۸۸/۰۴/۳۰	۸۸/۱۲/۲۹	۲۵۰,۰۰۰
نفت سپاهان	۳,۱۰۲	۴۱۲	۱۸۸	۶	۸۸/۰۶/۳۱	۷٫۸	۳۹۵	٪۴۶	۸۸/۰۴/۲۰	۸۸/۱۲/۲۹	۱۲۰,۰۰۰
نوسازی تهران	۹۵۰	۸۵	۴۰	۳	۸۸/۰۳/۳۱	۱۱٫۲	۸۴	٪۴۷	۸۸/۰۳/۱۵	۸۸/۱۲/۲۹	۴۵,۰۰۰
نورد لوله	۲,۴۴۵	۳۰۴	۱۵۱	۶	۸۸/۰۶/۳۱	۸٫۰	۲۸۷	٪۵۰	۸۸/۰۴/۲۸	۸۸/۱۲/۲۹	۸۰۰,۰۰۰
نیرو کلر	۱,۷۸۲	۲۱۴	۹۸	۹	۸۸/۰۶/۳۱	۶٫۵	۲۲۰	٪۴۶	۸۸/۰۴/۳۱	۸۸/۰۹/۳۰	۳۵,۰۰۰
ورق خودرو	۵,۳۲۰	۶۱۰	۳۴۵	۶	۸۸/۰۶/۳۱	۸٫۷	۵۸۷	٪۵۷	۸۸/۰۴/۲۵	۸۸/۱۲/۲۹	۱,۲۰۰,۰۰۰
هپکو	۸۶۳	۴۹	۲۰	۳	۸۸/۰۳/۳۱	۱۷٫۶	۴۵	٪۴۱	۸۸/۰۳/۳۰	۸۸/۱۲/۲۹	۶۰,۰۰۰
همکاران سیستم	۱۲۸	۵۶	۳۱	۹	۸۸/۰۶/۳۱	۴٫۱	۵۶۴	٪۵۵	۸۸/۰۴/۳۰	۸۸/۱۲/۲۹	۲۵۰,۰۰۰
یاتاقان سازی	۳,۱۰۲	۴۱۲	۱۸۸	۶	۸۸/۰۶/۳۱	۷٫۸	۳۹۵	٪۴۶	۸۸/۰۴/۲۰	۸۸/۱۲/۲۹	۱۲۰,۰۰۰
پارس مینو	۹۵۰	۸۵	۴۰	۳	۸۸/۰۳/۳۱	۱۱٫۲	۸۴	٪۴۷	۸۸/۰۳/۱۵	۸۸/۱۲/۲۹	۴۵,۰۰۰
پلی اکریل	۲,۴۴۵	۳۰۴	۱۵۱	۶	۸۸/۰۶/۳۱	۸٫۰	۲۸۷	٪۵۰	۸۸/۰۴/۲۸	۸۸/۱۲/۲۹	۸۰۰,۰۰۰
پتروشیمی پردیس	۱,۷۸۲	۲۱۴	۹۸	۹	۸۸/۰۶/۳۱	۶٫۵	۲۲۰	٪۴۶	۸۸/۰۴/۳۱	۸۸/۰۹/۳۰	۳۵,۰۰۰
پتروشیمی اراک	۵,۳۲۰	۶۱۰	۳۴۵	۶	۸۸/۰۶/۳۱	۸٫۷	۵۸۷	٪۵۷	۸۸/۰۴/۲۵	۸۸/۱۲/۲۹	۱,۲۰۰,۰۰۰
پتروشیمی زاگرس	۸۶۳	۴۹	۲۰	۳	۸۸/۰۳/۳۱	۱۷٫۶	۴۵	٪۴۱	۸۸/۰۳/۳۰	۸۸/۱۲/۲۹	۶۰,۰۰۰
پتروشیمی بندر امام	۱۲۸	۵۶	۳۱	۹	۸۸/۰۶/۳۱	۴٫۱	۵۶۴	٪۵۵	۸۸/۰۴/۳۰	۸۸/۱۲/۲۹	۲۵۰,۰۰۰
پتروشیمی مارون	۳,۱۰۲	۴۱۲	۱۸۸	۶	۸۸/۰۶/۳۱	۷٫۸	۳۹۵	٪۴۶	۸۸/۰۴/۲۰	۸۸/۱۲/۲۹	۱۲۰,۰۰۰
پتروشیمی جم	۹۵۰	۸۵	۴۰	۳	۸۸/۰۳/۳۱	۱۱٫۲	۸۴	٪۴۷	۸۸/۰۳/۱۵	۸۸/۱۲/۲۹	۴۵,۰۰۰
پالایش بندرعباس	۲,۴۴۵	۳۰۴	۱۵۱	۶	۸۸/۰۶/۳۱	۸٫۰	۲۸۷	٪۵۰	۸۸/۰۴/۲۸	۸۸/۱۲/۲۹	۸۰۰,۰۰۰
پالایش تبریز	۱,۷۸۲	۲۱۴	۹۸	۹	۸۸/۰۶/۳۱	۶٫۵	۲۲۰	٪۴۶	۸۸/۰۴/۳۱	۸۸/۰۹/۳۰	۳۵,۰۰۰
پالایش شیراز	۵,۳۲۰	۶۱۰	۳۴۵	۶	۸۸/۰۶/۳۱	۸٫۷	۵۸۷	٪۵۷	۸۸/۰۴/۲۵	۸۸/۱۲/۲۹	۱,۲۰۰,۰۰۰
تراکتورسازی	۸۶۳	۴۹	۲۰	۳	۸۸/۰۳/۳۱	۱۷٫۶	۴۵	٪۴۱	۸۸/۰۳/۳۰	۸۸/۱۲/۲۹	۶۰,۰۰۰
تولید برق	۱۲۸	۵۶	۳۱	۹	۸۸/۰۶/۳۱	۴٫۱	۵۶۴	٪۵۵	۸۸/۰۴/۳۰	۸۸/۱۲/۲۹	۲۵۰,۰۰۰
توسعه شهری	۳,۱۰۲	۴۱۲	۱۸۸	۶	۸۸/۰۶/۳۱	۷٫۸	۳۹۵	٪۴۶	۸۸/۰۴/۲۰	۸۸/۱۲/۲۹	۱۲۰,۰۰۰
توسعه معادن	۹۵۰	۸۵	۴۰	۳	۸۸/۰۳/۳۱	۱۱٫۲	۸۴	٪۴۷	۸۸/۰۳/۱۵	۸۸/۱۲/۲۹	۴۵,۰۰۰
جام دارو	۲,۴۴۵	۳۰۴	۱۵۱	۶	۸۸/۰۶/۳۱	۸٫۰	۲۸۷	٪۵۰	۸۸/۰۴/۲۸	۸۸/۱۲/۲۹	۸۰۰,۰۰۰
چدن سازان	۱,۷۸۲	۲۱۴	۹۸	۹	۸۸/۰۶/۳۱	۶٫۵	۲۲۰	٪۴۶	۸۸/۰۴/۳۱	۸۸/۰۹/۳۰	۳۵,۰۰۰
حمل و نقل	۵,۳۲۰	۶۱۰	۳۴۵	۶	۸۸/۰۶/۳۱	۸٫۷	۵۸۷	٪۵۷	۸۸/۰۴/۲۵	۸۸/۱۲/۲۹	۱,۲۰۰,۰۰۰
خاک چینی	۸۶۳	۴۹	۲۰	۳	۸۸/۰۳/۳۱	۱۷٫۶	۴۵	٪۴۱	۸۸/۰۳/۳۰	۸۸/۱۲/۲۹	۶۰,۰۰۰
خدمات انفورماتیک	۱۲۸	۵۶	۳۱	۹	۸۸/۰۶/۳۱	۴٫۱	۵۶۴	٪۵۵	۸۸/۰۴/۳۰	۸۸/۱۲/۲۹	۲۵۰,۰۰۰
داده پردازی	۳,۱۰۲	۴۱۲	۱۸۸	۶	۸۸/۰۶/۳۱	۷٫۸	۳۹۵	٪۴۶	۸۸/۰۴/۲۰	۸۸/۱۲/۲۹	۱۲۰,۰۰۰
داروپخش	۹۵۰	۸۵	۴۰	۳	۸۸/۰۳/۳۱	۱۱٫۲	۸۴	٪۴۷	۸۸/۰۳/۱۵	۸۸/۱۲/۲۹	۴۵,۰۰۰
داروسازی اکسیر	۲,۴۴۵	۳۰۴	۱۵۱	۶	۸۸/۰۶/۳۱	۸٫۰	۲۸۷	٪۵۰	۸۸/۰۴/۲۸	۸۸/۱۲/۲۹	۸۰۰,۰۰۰
داروسازی دانا	۱,۷۸۲	۲۱۴	۹۸	۹	۸۸/۰۶/۳۱	۶٫۵	۲۲۰	٪۴۶	۸۸/۰۴/۳۱	۸۸/۰۹/۳۰	۳۵,۰۰۰
داروسازی سبحان	۵,۳۲۰	۶۱۰	۳۴۵	۶	۸۸/۰۶/۳۱	۸٫۷	۵۸۷	٪۵۷	۸۸/۰۴/۲۵	۸۸/۱۲/۲۹	۱,۲۰۰,۰۰۰
داروسازی فارابی	۸۶۳	۴۹	۲۰	۳	۸۸/۰۳/۳۱	۱۷٫۶	۴۵	٪۴۱	۸۸/۰۳/۳۰	۸۸/۱۲/۲۹	۶۰,۰۰۰
داروسازی کاسپین	۱۲۸	۵۶	۳۱	۹	۸۸/۰۶/۳۱	۴٫۱	۵۶۴	٪۵۵	۸۸/۰۴/۳۰	۸۸/۱۲/۲۹	۲۵۰,۰۰۰
دارو لقمان	۳,۱۰۲	۴۱۲	۱۸۸	۶	۸۸/۰۶/۳۱	۷٫۸	۳۹۵	٪۴۶	۸۸/۰۴/۲۰	۸۸/۱۲/۲۹	۱۲۰,۰۰۰
دوده صنعتی	۹۵۰	۸۵	۴۰	۳	۸۸/۰۳/۳۱	۱۱٫۲	۸۴	٪۴۷	۸۸/۰۳/۱۵	۸۸/۱۲/۲۹	۴۵,۰۰۰
رنگ سازی	۲,۴۴۵	۳۰۴	۱۵۱	۶	۸۸/۰۶/۳۱	۸٫۰	۲۸۷	٪۵۰	۸۸/۰۴/۲۸	۸۸/۱۲/۲۹	۸۰۰,۰۰۰
ریل پرداز	۱,۷۸۲	۲۱۴	۹۸	۹	۸۸/۰۶/۳۱	۶٫۵	۲۲۰	٪۴۶	۸۸/۰۴/۳۱	۸۸/۰۹/۳۰	۳۵,۰۰۰
زرین معدن	۵,۳۲۰	۶۱۰	۳۴۵	۶	۸۸/۰۶/۳۱	۸٫۷	۵۸۷	٪۵۷	۸۸/۰۴/۲۵	۸۸/۱۲/۲۹	۱,۲۰۰,۰۰۰
ساختمانی خلیج	۸۶۳	۴۹	۲۰	۳	۸۸/۰۳/۳۱	۱۷٫۶	۴۵	٪۴۱	۸۸/۰۳/۳۰	۸۸/۱۲/۲۹	۶۰,۰۰۰
سایپا آذین	۱۲۸	۵۶	۳۱	۹	۸۸/۰۶/۳۱	۴٫۱	۵۶۴	٪۵۵	۸۸/۰۴/۳۰	۸۸/۱۲/۲۹	۲۵۰,۰۰۰
سپید ماکیان	۳,۱۰۲	۴۱۲	۱۸۸	۶	۸۸/۰۶/۳۱	۷٫۸	۳۹۵	٪۴۶	۸۸/۰۴/۲۰	۸۸/۱۲/۲۹	۱۲۰,۰۰۰
سرمایه گذاری پارس	۹۵۰	۸۵	۴۰	۳	۸۸/۰۳/۳۱	۱۱٫۲	۸۴	٪۴۷	۸۸/۰۳/۱۵	۸۸/۱۲/۲۹	۴۵,۰۰۰
سرمایه گذاری توسعه	۲,۴۴۵	۳۰۴	۱۵۱	۶	۸۸/۰۶/۳۱	۸٫۰	۲۸۷	٪۵۰	۸۸/۰۴/۲۸	۸۸/۱۲/۲۹	۸۰۰,۰۰۰
سرمایه گذاری رنا	۱,۷۸۲	۲۱۴	۹۸	۹	۸۸/۰۶/۳۱	۶٫۵	۲۲۰	٪۴۶	۸۸/۰۴/۳۱	۸۸/۰۹/۳۰	۳۵,۰۰۰
سرمایه گذاری صنعت	۵,۳۲۰	۶۱۰	۳۴۵	۶	۸۸/۰۶/۳۱	۸٫۷	۵۸۷	٪۵۷	۸۸/۰۴/۲۵	۸۸/۱۲/۲۹	۱,۲۰۰,۰۰۰
سرمایه گذاری نفت	۸۶۳	۴۹	۲۰	۳	۸۸/۰۳/۳۱	۱۷٫۶	۴۵	٪۴۱	۸۸/۰۳/۳۰	۸۸/۱۲/۲۹	۶۰,۰۰۰
سرمایه گذاری مسکن	۱۲۸	۵۶	۳۱	۹	۸۸/۰۶/۳۱	۴٫۱	۵۶۴	٪۵۵	۸۸/۰۴/۳۰	۸۸/۱۲/۲۹	۲۵۰,۰۰۰
سرمایه گذاری ساختمان	۳,۱۰۲	۴۱۲	۱۸۸	۶	۸۸/۰۶/۳۱	۷٫۸	۳۹۵	٪۴۶	۸۸/۰۴/۲۰	۸۸/۱۲/۲۹	۱۲۰,۰۰۰
سرمایه گذاری سایپا	۹۵۰	۸۵	۴۰	۳	۸۸/۰۳/۳۱	۱۱٫۲	۸۴	٪۴۷	۸۸/۰۳/۱۵	۸۸/۱۲/۲۹	۴۵,۰۰۰
سرمایه گذاری آتیه	۲,۴۴۵	۳۰۴	۱۵۱	۶	۸۸/۰۶/۳۱	۸٫۰	۲۸۷	٪۵۰	۸۸/۰۴/۲۸	۸۸/۱۲/۲۹	۸۰۰,۰۰۰
سرمایه گذاری بوعلی	۱,۷۸۲	۲۱۴	۹۸	۹	۸۸/۰۶/۳۱	۶٫۵	۲۲۰	٪۴۶	۸۸/۰۴/۳۱	۸۸/۰۹/۳۰	۳۵,۰۰۰
سرمایه گذاری خوارزمی	۵,۳۲۰	۶۱۰	۳۴۵	۶	۸۸/۰۶/۳۱	۸٫۷	۵۸۷	٪۵۷	۸۸/۰۴/۲۵	۸۸/۱۲/۲۹	۱,۲۰۰,۰۰۰
سرمایه گذاری کشاورزی	۸۶۳	۴۹	۲۰	۳	۸۸/۰۳/۳۱	۱۷٫۶	۴۵	٪۴۱	۸۸/۰۳/۳۰	۸۸/۱۲/۲۹	۶۰,۰۰۰
سرمایه گذاری معادن	۱۲۸	۵۶	۳۱	۹	۸۸/۰۶/۳۱	۴٫۱	۵۶۴	٪۵۵	۸۸/۰۴/۳۰	۸۸/۱۲/۲۹	۲۵۰,۰۰۰
سرمایه گذاری تامین	۳,۱۰۲	۴۱۲	۱۸۸	۶	۸۸/۰۶/۳۱	۷٫۸	۳۹۵	٪۴۶	۸۸/۰۴/۲۰	۸۸/۱۲/۲۹	۱۲۰,۰۰۰
سرمایه گذاری دارویی	۹۵۰	۸۵	۴۰	۳	۸۸/۰۳/۳۱	۱۱٫۲	۸۴	٪۴۷	۸۸/۰۳/۱۵	۸۸/۱۲/۲۹	۴۵,۰۰۰
سرمایه گذاری پتروشیمی	۲,۴۴۵	۳۰۴	۱۵۱	۶	۸۸/۰۶/۳۱	۸٫۰	۲۸۷	٪۵۰	۸۸/۰۴/۲۸	۸۸/۱۲/۲۹	۸۰۰,۰۰۰
سرمایه گذاری صندوق	۱,۷۸۲	۲۱۴	۹۸	۹	۸۸/۰۶/۳۱	۶٫۵	۲۲۰	٪۴۶	۸۸/۰۴/۳۱	۸۸/۰۹/۳۰	۳۵,۰۰۰
سیمان آبیک	۵,۳۲۰	۶۱۰	۳۴۵	۶	۸۸/۰۶/۳۱	۸٫۷	۵۸۷	٪۵۷	۸۸/۰۴/۲۵	۸۸/۱۲/۲۹	۱,۲۰۰,۰۰۰
سیمان اردبیل	۸۶۳	۴۹	۲۰	۳	۸۸/۰۳/۳۱	۱۷٫۶	۴۵	٪۴۱	۸۸/۰۳/۳۰	۸۸/۱۲/۲۹	۶۰,۰۰۰
سیمان ایلام	۱۲۸	۵۶	۳۱	۹	۸۸/۰۶/۳۱	۴٫۱	۵۶۴	٪۵۵	۸۸/۰۴/۳۰	۸۸/۱۲/۲۹	۲۵۰,۰۰۰
سیمان بجنورد	۳,۱۰۲	۴۱۲	۱۸۸	۶	۸۸/۰۶/۳۱	۷٫۸	۳۹۵	٪۴۶	۸۸/۰۴/۲۰	۸۸/۱۲/۲۹	۱۲۰,۰۰۰
سیمان خاش	۹۵۰	۸۵	۴۰	۳	۸۸/۰۳/۳۱	۱۱٫۲	۸۴	٪۴۷	۸۸/۰۳/۱۵	۸۸/۱۲/۲۹	۴۵,۰۰۰
سیمان داراب	۲,۴۴۵	۳۰۴	۱۵۱	۶	۸۸/۰۶/۳۱	۸٫۰	۲۸۷	٪۵۰	۸۸/۰۴/۲۸	۸۸/۱۲/۲۹	۸۰۰,۰۰۰
سیمان شاهرود	۱,۷۸۲	۲۱۴	۹۸	۹	۸۸/۰۶/۳۱	۶٫۵	۲۲۰	٪۴۶	۸۸/۰۴/۳۱	۸۸/۰۹/۳۰	۳۵,۰۰۰
سیمان فارس نو	۵,۳۲۰	۶۱۰	۳۴۵	۶	۸۸/۰۶/۳۱	۸٫۷	۵۸۷	٪۵۷	۸۸/۰۴/۲۵	۸۸/۱۲/۲۹	۱,۲۰۰,۰۰۰
سیمان قائن	۸۶۳	۴۹	۲۰	۳	۸۸/۰۳/۳۱	۱۷٫۶	۴۵	٪۴۱	۸۸/۰۳/۳۰	۸۸/۱۲/۲۹	۶۰,۰۰۰
سیمان کردستان	۱۲۸	۵۶	۳۱	۹	۸۸/۰۶/۳۱	۴٫۱	۵۶۴	٪۵۵	۸۸/۰۴/۳۰	۸۸/۱۲/۲۹	۲۵۰,۰۰۰
سیمان لار	۳,۱۰۲	۴۱۲	۱۸۸	۶	۸۸/۰۶/۳۱	۷٫۸	۳۹۵	٪۴۶	۸۸/۰۴/۲۰	۸۸/۱۲/۲۹	۱۲۰,۰۰۰
سیمان مازندران	۹۵۰	۸۵	۴۰	۳	۸۸/۰۳/۳۱	۱۱٫۲	۸۴	٪۴۷	۸۸/۰۳/۱۵	۸۸/۱۲/۲۹	۴۵,۰۰۰
سیمان نیکا	۲,۴۴۵	۳۰۴	۱۵۱	۶	۸۸/۰۶/۳۱	۸٫۰	۲۸۷	٪۵۰	۸۸/۰۴/۲۸	۸۸/۱۲/۲۹	۸۰۰,۰۰۰
سیمان هرمزگان	۱,۷۸۲	۲۱۴	۹۸	۹	۸۸/۰۶/۳۱	۶٫۵	۲۲۰	٪۴۶	۸۸/۰۴/۳۱	۸۸/۰۹/۳۰	۳۵,۰۰۰
شکر شاهرود	۵,۳۲۰	۶۱۰	۳۴۵	۶	۸۸/۰۶/۳۱	۸٫۷	۵۸۷	٪۵۷	۸۸/۰۴/۲۵	۸۸/۱۲/۲۹	۱,۲۰۰,۰۰۰
شهرسازی	۸۶۳	۴۹	۲۰	۳	۸۸/۰۳/۳۱	۱۷٫۶	۴۵	٪۴۱	۸۸/۰۳/۳۰	۸۸/۱۲/۲۹	۶۰,۰۰۰
شیر پاستوریزه	۱۲۸	۵۶	۳۱	۹	۸۸/۰۶/۳۱	۴٫۱	۵۶۴	٪۵۵	۸۸/۰۴/۳۰	۸۸/۱۲/۲۹	۲۵۰,۰۰۰
شیشه دارویی	۳,۱۰۲	۴۱۲	۱۸۸	۶	۸۸/۰۶/۳۱	۷٫۸	۳۹۵	٪۴۶	۸۸/۰۴/۲۰	۸۸/۱۲/۲۹	۱۲۰,۰۰۰
صنایع آذرآب	۹۵۰	۸۵	۴۰	۳	۸۸/۰۳/۳۱	۱۱٫۲	۸۴	٪۴۷	۸۸/۰۳/۱۵	۸۸/۱۲/۲۹	۴۵,۰۰۰
صنایع بهشهر	۲,۴۴۵	۳۰۴	۱۵۱	۶	۸۸/۰۶/۳۱	۸٫۰	۲۸۷	٪۵۰	۸۸/۰۴/۲۸	۸۸/۱۲/۲۹	۸۰۰,۰۰۰
صنایع پارس	۱,۷۸۲	۲۱۴	۹۸	۹	۸۸/۰۶/۳۱	۶٫۵	۲۲۰	٪۴۶	۸۸/۰۴/۳۱	۸۸/۰۹/۳۰	۳۵,۰۰۰
صنایع جوشکاب	۵,۳۲۰	۶۱۰	۳۴۵	۶	۸۸/۰۶/۳۱	۸٫۷	۵۸۷	٪۵۷	۸۸/۰۴/۲۵	۸۸/۱۲/۲۹	۱,۲۰۰,۰۰۰
صنایع خاک	۸۶۳	۴۹	۲۰	۳	۸۸/۰۳/۳۱	۱۷٫۶	۴۵	٪۴۱	۸۸/۰۳/۳۰	۸۸/۱۲/۲۹	۶۰,۰۰۰
صنایع کاغذ	۱۲۸	۵۶	۳۱	۹	۸۸/۰۶/۳۱	۴٫۱	۵۶۴	٪۵۵	۸۸/۰۴/۳۰	۸۸/۱۲/۲۹	۲۵۰,۰۰۰
صنایع مس	۳,۱۰۲	۴۱۲	۱۸۸	۶	۸۸/۰۶/۳۱	۷٫۸	۳۹۵	٪۴۶	۸۸/۰۴/۲۰	۸۸/۱۲/۲۹	۱۲۰,۰۰۰
صنعتی زر	۹۵۰	۸۵	۴۰	۳	۸۸/۰۳/۳۱	۱۱٫۲	۸۴	٪۴۷	۸۸/۰۳/۱۵	۸۸/۱۲/۲۹	۴۵,۰۰۰
صنعتی نیرو	۲,۴۴۵	۳۰۴	۱۵۱	۶	۸۸/۰۶/۳۱	۸٫۰	۲۸۷	٪۵۰	۸۸/۰۴/۲۸	۸۸/۱۲/۲۹	۸۰۰,۰۰۰
فنرسازی	۱,۷۸۲	۲۱۴	۹۸	۹	۸۸/۰۶/۳۱	۶٫۵	۲۲۰	٪۴۶	۸۸/۰۴/۳۱	۸۸/۰۹/۳۰	۳۵,۰۰۰
کیسون	۵,۳۲۰	۶۱۰	۳۴۵	۶	۸۸/۰۶/۳۱	۸٫۷	۵۸۷	٪۵۷	۸۸/۰۴/۲۵	۸۸/۱۲/۲۹	۱,۲۰۰,۰۰۰
گروه مپنا	۸۶۳	۴۹	۲۰	۳	۸۸/۰۳/۳۱	۱۷٫۶	۴۵	٪۴۱	۸۸/۰۳/۳۰	۸۸/۱۲/۲۹	۶۰,۰۰۰
مداران	۱۲۸	۵۶	۳۱	۹	۸۸/۰۶/۳۱	۴٫۱	۵۶۴	٪۵۵	۸۸/۰۴/۳۰	۸۸/۱۲/۲۹	۲۵۰,۰۰۰
مهندسی ساختمان	۳,۱۰۲	۴۱۲	۱۸۸	۶	۸۸/۰۶/۳۱	۷٫۸	۳۹۵	٪۴۶	۸۸/۰۴/۲۰	۸۸/۱۲/۲۹	۱۲۰,۰۰۰
